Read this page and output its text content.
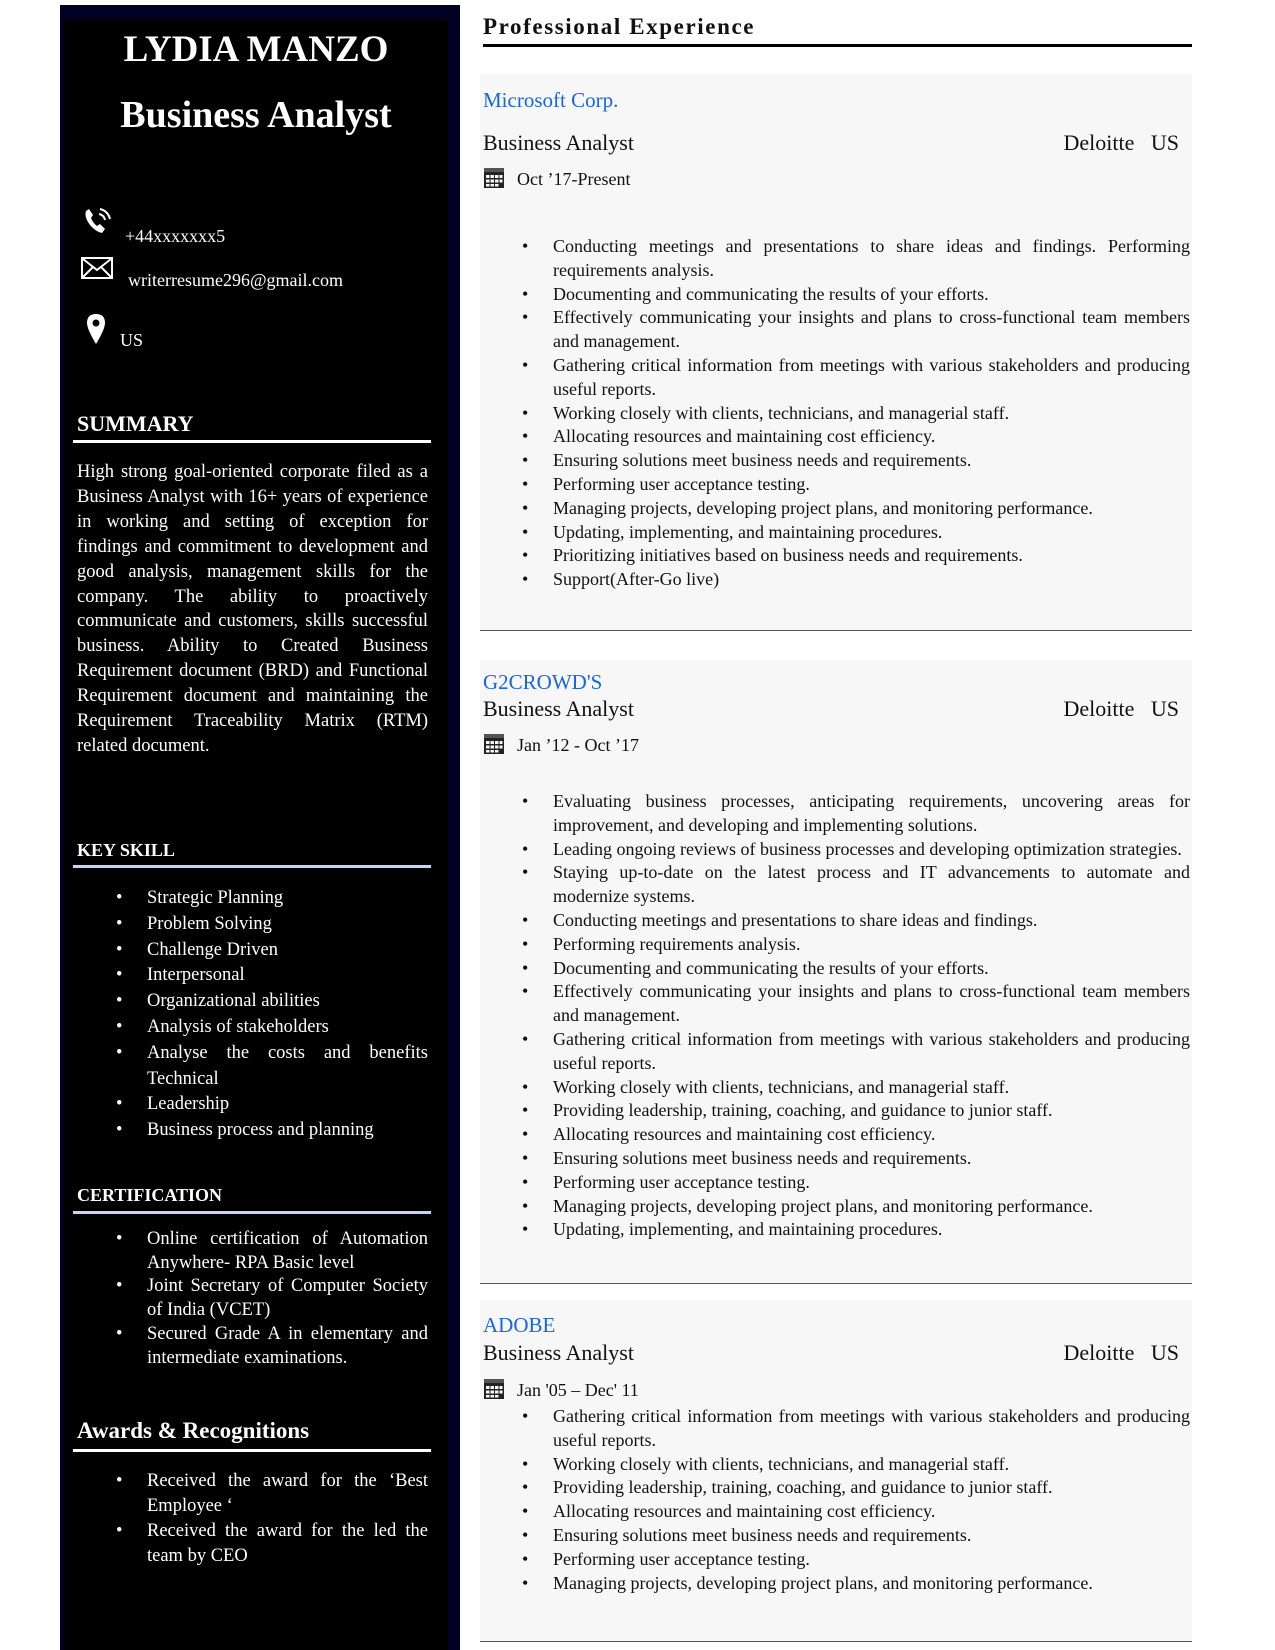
LYDIA MANZO
Business Analyst
+44xxxxxxx5
writerresume296@gmail.com
US
SUMMARY
High strong goal-oriented corporate filed as a Business Analyst with 16+ years of experience in working and setting of exception for findings and commitment to development and good analysis, management skills for the company. The ability to proactively communicate and customers, skills successful business. Ability to Created Business Requirement document (BRD) and Functional Requirement document and maintaining the Requirement Traceability Matrix (RTM) related document.
KEY SKILL
• Strategic Planning
• Problem Solving
• Challenge Driven
• Interpersonal
• Organizational abilities
• Analysis of stakeholders
• Analyse the costs and benefits Technical
• Leadership
• Business process and planning
CERTIFICATION
• Online certification of Automation Anywhere- RPA Basic level
• Joint Secretary of Computer Society of India (VCET)
• Secured Grade A in elementary and intermediate examinations.
Awards & Recognitions
• Received the award for the ‘Best Employee ‘
• Received the award for the led the team by CEO
Professional Experience
Microsoft Corp.
Business Analyst	Deloitte   US
Oct ’17-Present
• Conducting meetings and presentations to share ideas and findings. Performing requirements analysis.
• Documenting and communicating the results of your efforts.
• Effectively communicating your insights and plans to cross-functional team members and management.
• Gathering critical information from meetings with various stakeholders and producing useful reports.
• Working closely with clients, technicians, and managerial staff.
• Allocating resources and maintaining cost efficiency.
• Ensuring solutions meet business needs and requirements.
• Performing user acceptance testing.
• Managing projects, developing project plans, and monitoring performance.
• Updating, implementing, and maintaining procedures.
• Prioritizing initiatives based on business needs and requirements.
• Support(After-Go live)
G2CROWD'S
Business Analyst	Deloitte   US
Jan ’12 - Oct ’17
• Evaluating business processes, anticipating requirements, uncovering areas for improvement, and developing and implementing solutions.
• Leading ongoing reviews of business processes and developing optimization strategies.
• Staying up-to-date on the latest process and IT advancements to automate and modernize systems.
• Conducting meetings and presentations to share ideas and findings.
• Performing requirements analysis.
• Documenting and communicating the results of your efforts.
• Effectively communicating your insights and plans to cross-functional team members and management.
• Gathering critical information from meetings with various stakeholders and producing useful reports.
• Working closely with clients, technicians, and managerial staff.
• Providing leadership, training, coaching, and guidance to junior staff.
• Allocating resources and maintaining cost efficiency.
• Ensuring solutions meet business needs and requirements.
• Performing user acceptance testing.
• Managing projects, developing project plans, and monitoring performance.
• Updating, implementing, and maintaining procedures.
ADOBE
Business Analyst	Deloitte   US
Jan '05 – Dec' 11
• Gathering critical information from meetings with various stakeholders and producing useful reports.
• Working closely with clients, technicians, and managerial staff.
• Providing leadership, training, coaching, and guidance to junior staff.
• Allocating resources and maintaining cost efficiency.
• Ensuring solutions meet business needs and requirements.
• Performing user acceptance testing.
• Managing projects, developing project plans, and monitoring performance.
